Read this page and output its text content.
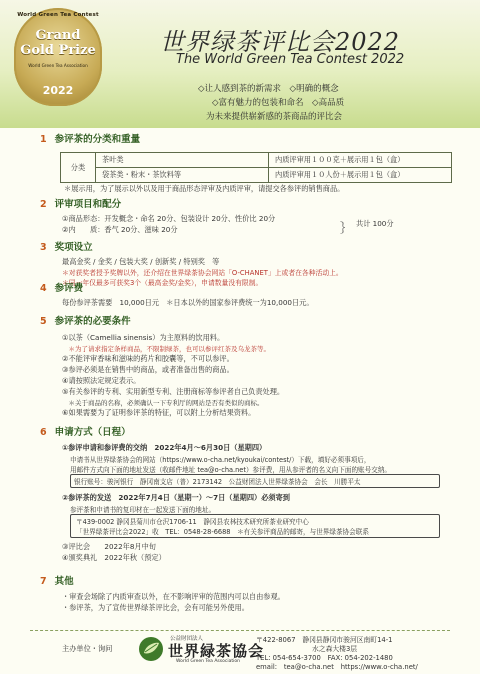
World Green Tea Contest
Grand
Gold Prize
World Green Tea Association
2022
世界绿茶评比会2022
The World Green Tea Contest 2022
◇让人感到茶的新需求　◇明确的概念
◇富有魅力的包装和命名　◇高品质
为未来提供崭新感的茶商品的评比会
1 参评茶的分类和重量
分类	茶叶类	内质评审用１００克＋展示用１包（盒）
	袋茶类・粉末・茶饮料等	内质评审用１０人份＋展示用１包（盒）
＊展示用，为了展示以外以及用于商品形态评审及内质评审，请提交各参评的销售商品。
2 评审项目和配分
①商品形态：开发概念・命名 20分、包装设计 20分、性价比 20分
②内　　质：香气 20分、滋味 20分	｝ 共计 100分
3 奖项设立
最高金奖 / 金奖 / 包装大奖 / 创新奖 / 特别奖　等
＊对获奖者授予奖牌以外，还介绍在世界绿茶协会网站「O-CHANET」上或者在各种活动上。
＊同一年仅最多可获奖3个（最高金奖/金奖），申请数量没有限制。
4 参评费
每份参评茶需要　10,000日元　＊日本以外的国家参评费统一为10,000日元。
5 参评茶的必要条件
①以茶（Camellia sinensis）为主原料的饮用料。
　＊为了请求指定条样商品，不限制绿茶，也可以参评红茶及乌龙茶等。
②不能评审香味和滋味的药片和胶囊等，不可以参评。
③参评必须是在销售中的商品，或者准备出售的商品。
④请按照法定规定表示。
⑤有关参评的专利、实用新型专利、注册商标等参评者自己负责处理。
　＊关于商品的名称，必须确认一下专利厅的网站是否有类似的商标。
⑥如果需要为了证明参评茶的特征，可以附上分析结果资料。
6 申请方式（日程）
①参评申请和参评费的交纳　2022年4月～6月30日（星期四）
申请书从世界绿茶协会的网站（https://www.o-cha.net/kyoukai/contest/）下载，填好必须事项后，
用邮件方式向下面的地址发送（收邮件地址 tea@o-cha.net）参评费，用从参评者的名义向下面的账号交纳。
银行账号：骏河银行　静冈南支店（普）2173142　公益财团法人世界绿茶协会　会长　川勝平太
②参评茶的发送　2022年7月4日（星期一）～7日（星期四）必须寄到
参评茶和申请书的复印材在一起发送下面的地址。
〒439-0002 静冈县菊川市仓沢1706-11　静冈县农林技术研究所茶业研究中心
「世界绿茶评比会2022」收　TEL：0548-28-6688　＊有关参评商品的邮寄，与世界绿茶协会联系
③评比会　　2022年8月中旬
④颁奖典礼　2022年秋（预定）
7 其他
・审查会场除了内质审查以外，在不影响评审的范围内可以自由参观。
・参评茶，为了宣传世界绿茶评比会，会有可能另外使用。
主办单位・询问
公益財団法人
世界緑茶協会
World Green Tea Association
〒422-8067　静冈县静冈市骏河区南町14-1
水之森大楼3层
TEL: 054-654-3700　FAX: 054-202-1480
email:　tea@o-cha.net　https://www.o-cha.net/
